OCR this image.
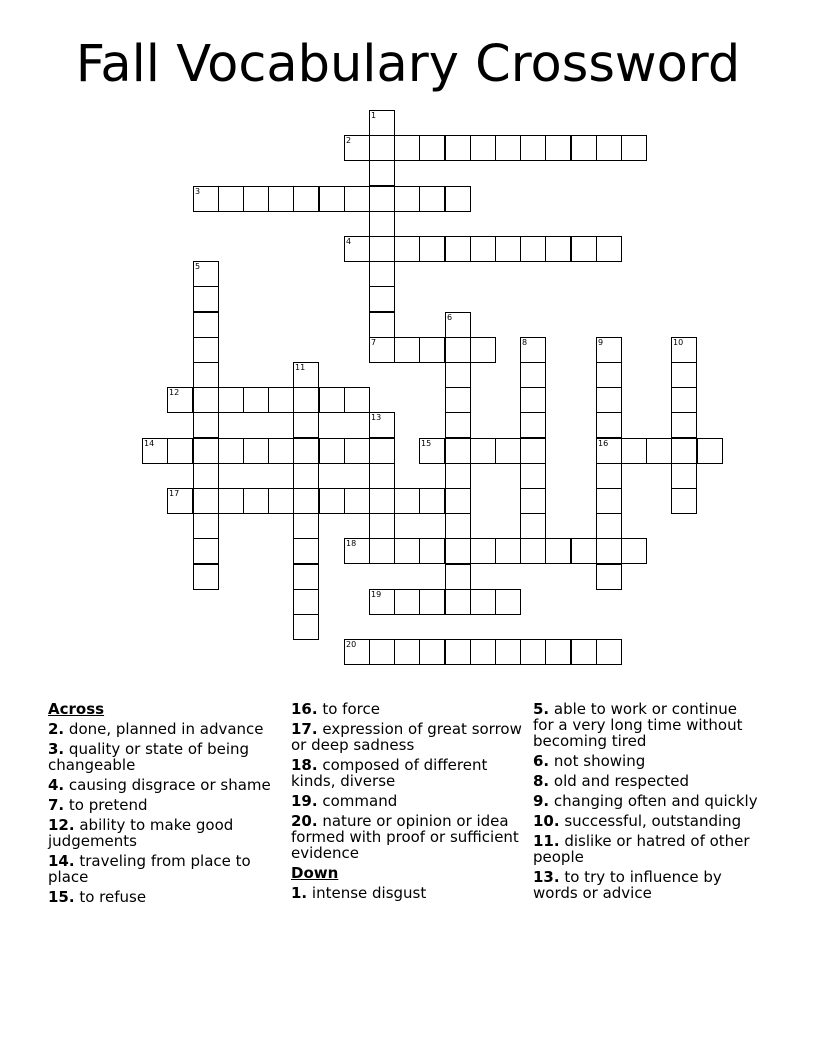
Fall Vocabulary Crossword
1
7
2
3
4
5
6
8	9
16
10
11
12
13
14	15
17
18
19
20
Across
2. done, planned in advance
3. quality or state of being changeable
4. causing disgrace or shame
7. to pretend
12. ability to make good judgements
14. traveling from place to place
15. to refuse
16. to force
17. expression of great sorrow or deep sadness
18. composed of different kinds, diverse
19. command
20. nature or opinion or idea formed with proof or sufficient evidence
Down
1. intense disgust
5. able to work or continue for a very long time without becoming tired
6. not showing
8. old and respected
9. changing often and quickly
10. successful, outstanding
11. dislike or hatred of other people
13. to try to influence by words or advice
